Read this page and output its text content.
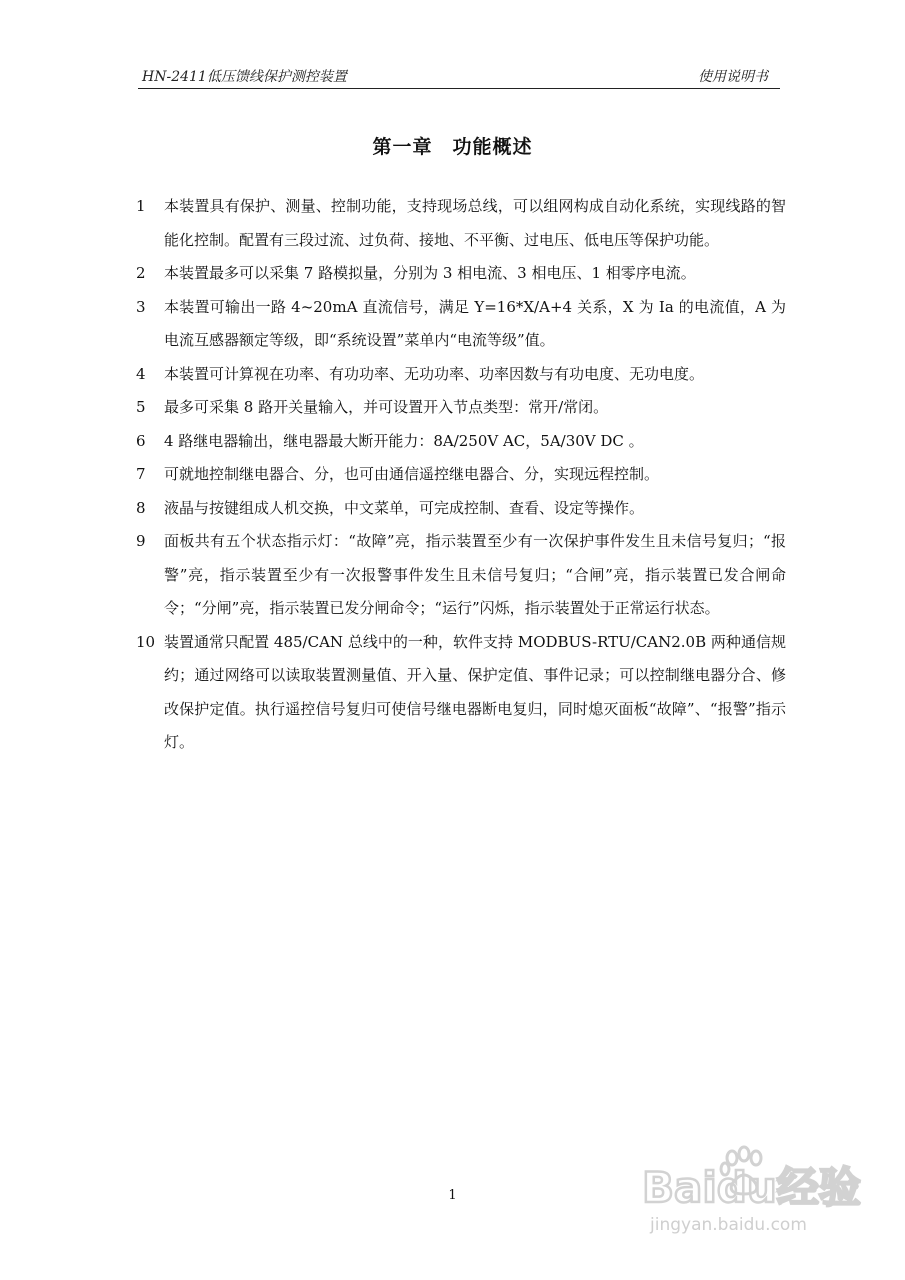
HN-2411低压馈线保护测控装置	使用说明书
第一章　功能概述
1	本装置具有保护、测量、控制功能，支持现场总线，可以组网构成自动化系统，实现线路的智能化控制。配置有三段过流、过负荷、接地、不平衡、过电压、低电压等保护功能。
2	本装置最多可以采集 7 路模拟量，分别为 3 相电流、3 相电压、1 相零序电流。
3	本装置可输出一路 4~20mA 直流信号，满足 Y=16*X/A+4 关系，X 为 Ia 的电流值，A 为电流互感器额定等级，即“系统设置”菜单内“电流等级”值。
4	本装置可计算视在功率、有功功率、无功功率、功率因数与有功电度、无功电度。
5	最多可采集 8 路开关量输入，并可设置开入节点类型：常开/常闭。
6	4 路继电器输出，继电器最大断开能力：8A/250V AC，5A/30V DC 。
7	可就地控制继电器合、分，也可由通信遥控继电器合、分，实现远程控制。
8	液晶与按键组成人机交换，中文菜单，可完成控制、查看、设定等操作。
9	面板共有五个状态指示灯：“故障”亮，指示装置至少有一次保护事件发生且未信号复归；“报警”亮，指示装置至少有一次报警事件发生且未信号复归；“合闸”亮，指示装置已发合闸命令；“分闸”亮，指示装置已发分闸命令；“运行”闪烁，指示装置处于正常运行状态。
10 装置通常只配置 485/CAN 总线中的一种，软件支持 MODBUS-RTU/CAN2.0B 两种通信规约；通过网络可以读取装置测量值、开入量、保护定值、事件记录；可以控制继电器分合、修改保护定值。执行遥控信号复归可使信号继电器断电复归，同时熄灭面板“故障”、“报警”指示灯。
1	Baidu经验
jingyan.baidu.com
